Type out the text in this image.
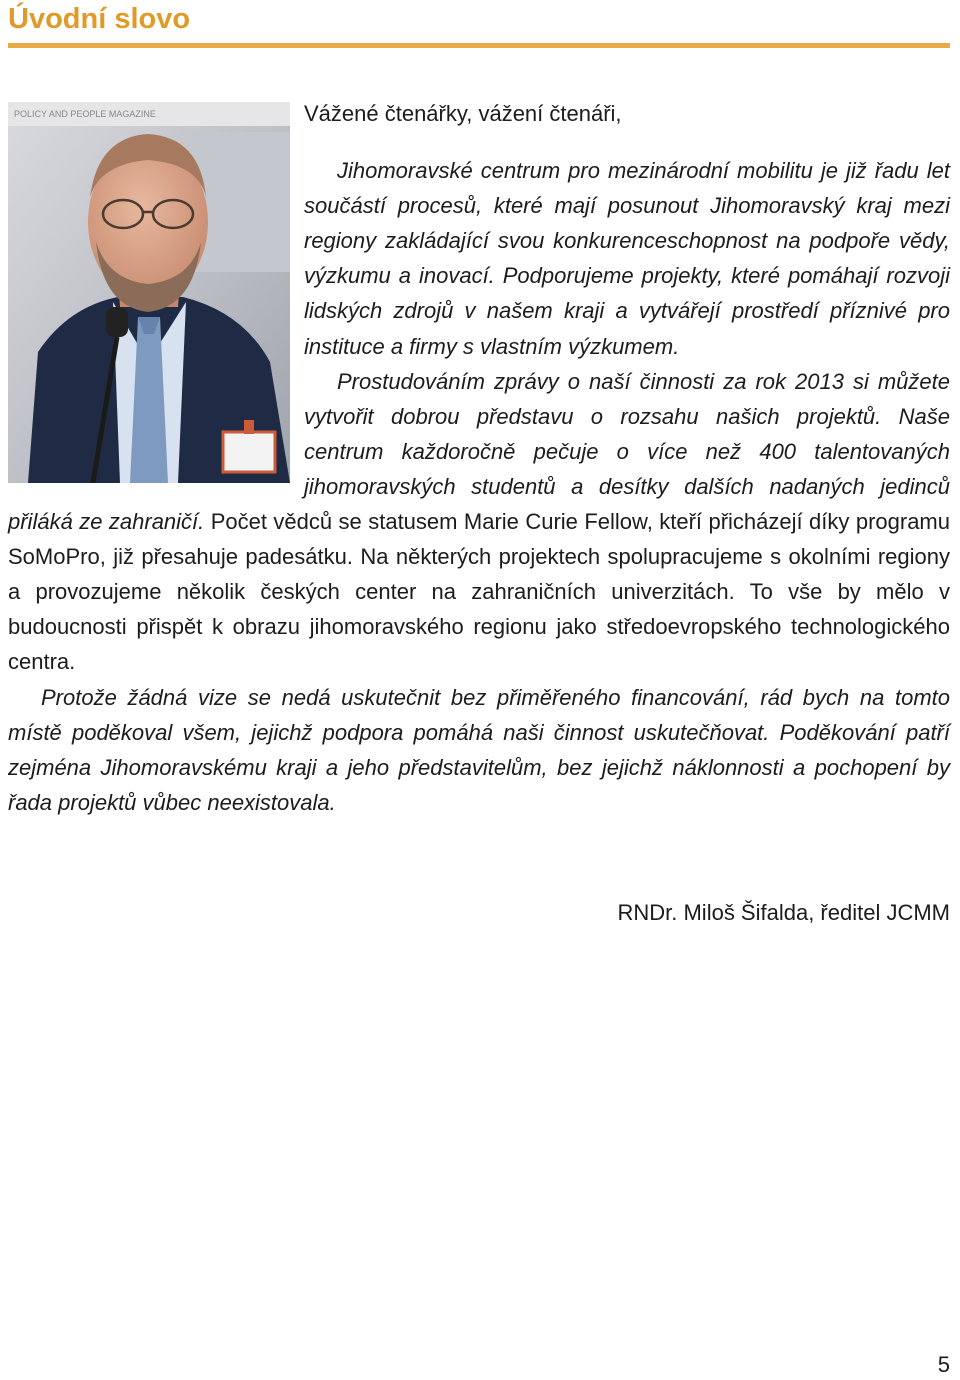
Úvodní slovo
POLICY AND PEOPLE MAGAZINE	Vážené čtenářky, vážení čtenáři,

Jihomoravské centrum pro mezinárodní mobilitu je již řadu let součástí procesů, které mají posunout Jihomoravský kraj mezi regiony zakládající svou konkurenceschopnost na podpoře vědy, výzkumu a inovací. Podporujeme projekty, které pomáhají rozvoji lidských zdrojů v našem kraji a vytvářejí prostředí příznivé pro instituce a firmy s vlastním výzkumem.

Prostudováním zprávy o naší činnosti za rok 2013 si můžete vytvořit dobrou představu o rozsahu našich projektů. Naše centrum každoročně pečuje o více než 400 talentovaných jihomoravských studentů a desítky dalších nadaných jedinců přiláká ze zahraničí. Počet vědců se statusem Marie Curie Fellow, kteří přicházejí díky programu SoMoPro, již přesahuje padesátku. Na některých projektech spolupracujeme s okolními regiony a provozujeme několik českých center na zahraničních univerzitách. To vše by mělo v budoucnosti přispět k obrazu jihomoravského regionu jako středoevropského technologického centra.

Protože žádná vize se nedá uskutečnit bez přiměřeného financování, rád bych na tomto místě poděkoval všem, jejichž podpora pomáhá naši činnost uskutečňovat. Poděkování patří zejména Jihomoravskému kraji a jeho představitelům, bez jejichž náklonnosti a pochopení by řada projektů vůbec neexistovala.

RNDr. Miloš Šifalda, ředitel JCMM
5
